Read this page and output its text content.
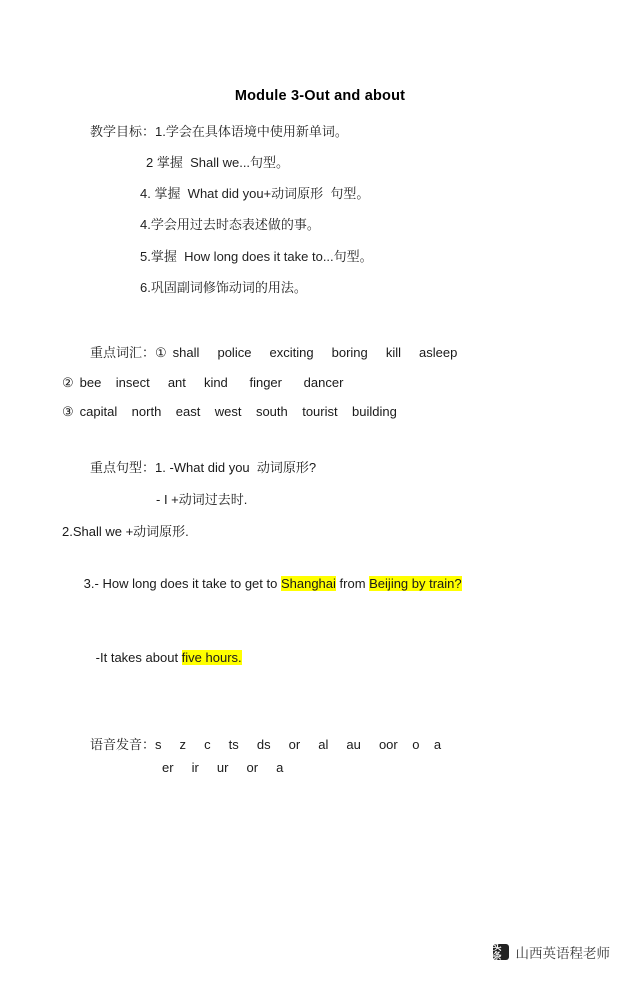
Module 3-Out and about
教学目标：1.学会在具体语境中使用新单词。
2 掌握  Shall we...句型。
4. 掌握  What did you+动词原形  句型。
4.学会用过去时态表述做的事。
5.掌握  How long does it take to...句型。
6.巩固副词修饰动词的用法。
重点词汇：① shall     police     exciting     boring     kill     asleep
② bee    insect     ant     kind      finger      dancer
③ capital    north    east    west    south    tourist    building
重点句型：1. -What did you  动词原形?
- I +动词过去时.
2.Shall we +动词原形.

3.- How long does it take to get to Shanghai from Beijing by train?

-It takes about five hours.

语音发音：s     z     c     ts     ds     or     al     au     oor    o    a
er     ir     ur     or     a
头条	山西英语程老师
